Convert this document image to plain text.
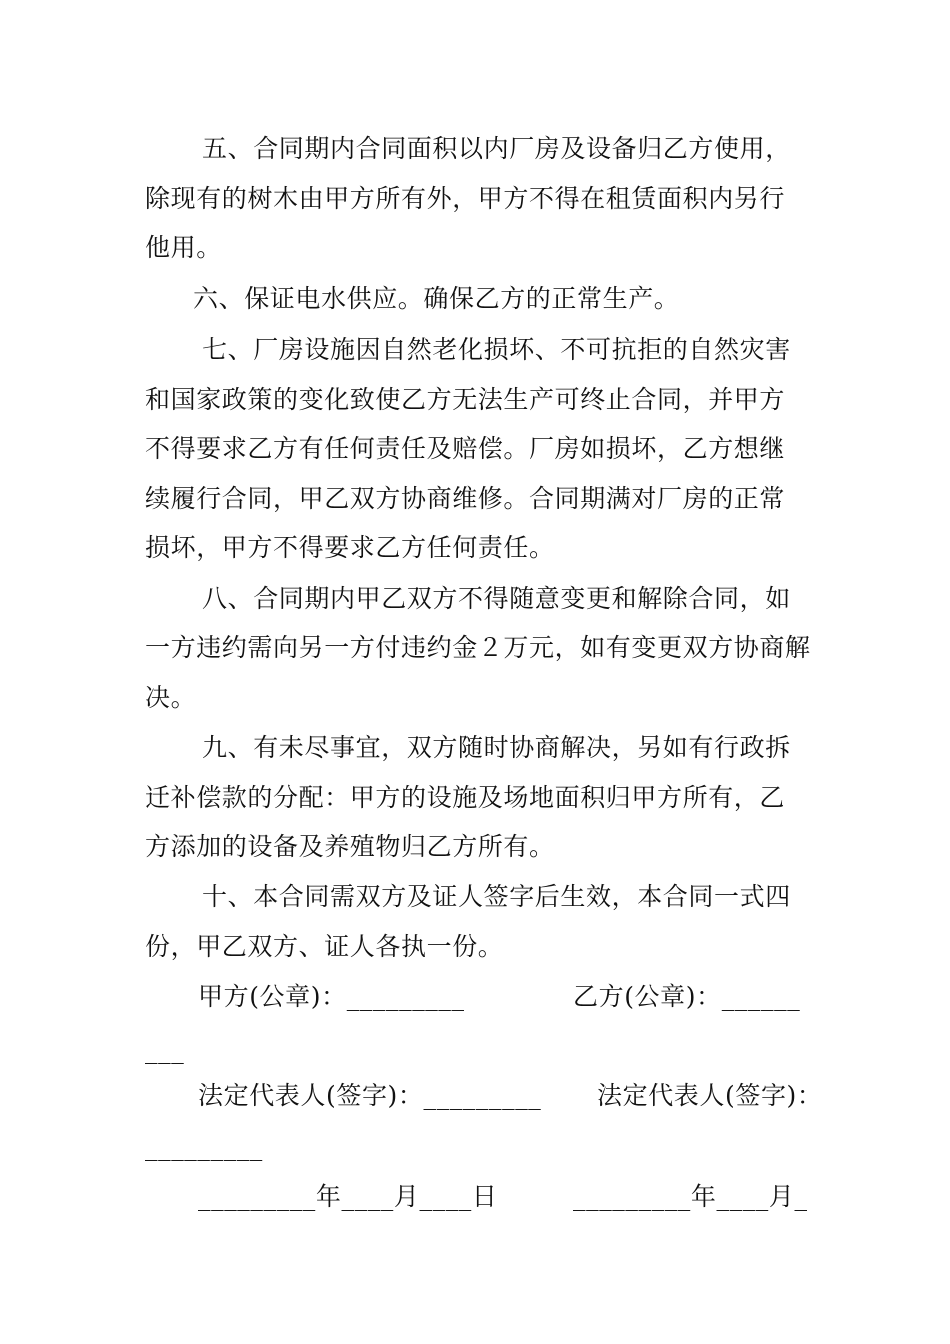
五、合同期内合同面积以内厂房及设备归乙方使用，
除现有的树木由甲方所有外，甲方不得在租赁面积内另行
他用。
六、保证电水供应。确保乙方的正常生产。
七、厂房设施因自然老化损坏、不可抗拒的自然灾害
和国家政策的变化致使乙方无法生产可终止合同，并甲方
不得要求乙方有任何责任及赔偿。厂房如损坏，乙方想继
续履行合同，甲乙双方协商维修。合同期满对厂房的正常
损坏，甲方不得要求乙方任何责任。
八、合同期内甲乙双方不得随意变更和解除合同，如
一方违约需向另一方付违约金２万元，如有变更双方协商解
决。
九、有未尽事宜，双方随时协商解决，另如有行政拆
迁补偿款的分配：甲方的设施及场地面积归甲方所有，乙
方添加的设备及养殖物归乙方所有。
十、本合同需双方及证人签字后生效，本合同一式四
份，甲乙双方、证人各执一份。
甲方(公章)：_________	乙方(公章)：______
___
法定代表人(签字)：_________ 法定代表人(签字)：
_________
_________年____月____日	_________年____月_
